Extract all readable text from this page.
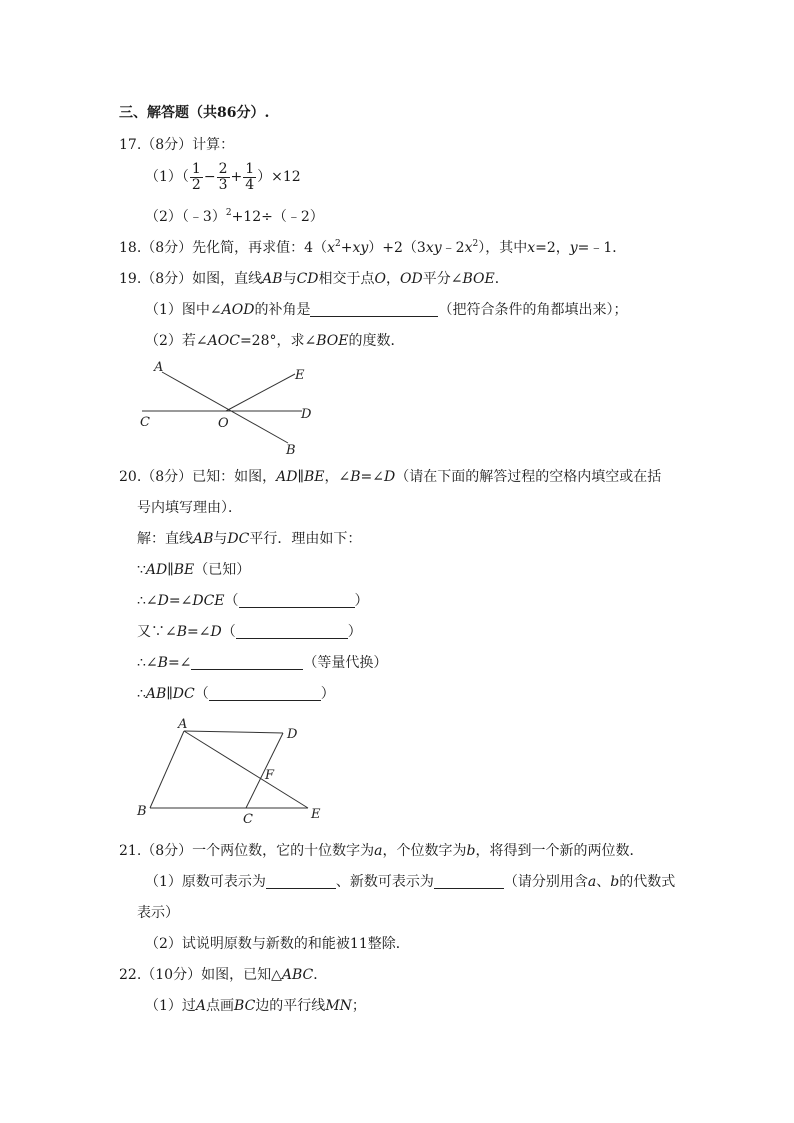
三、解答题（共86分）.
17.（8分）计算：
$(1)( \frac{1}{2} - \frac{2}{3} + \frac{1}{4} )\times 12$
（2）（﹣3）$^2$+12÷（﹣2）
18.（8分）先化简，再求值：$4(x^2+xy)+2(3xy﹣2x^2)$，其中x=2，y=﹣1．
19.（8分）如图，直线AB与CD相交于点O，OD平分∠BOE．
（1）图中∠AOD的补角是	（把符合条件的角都填出来）；
（2）若∠AOC=28°，求∠BOE的度数．
A
E
C	O
D
B
20.（8分）已知：如图，AD∥BE，∠B=∠D（请在下面的解答过程的空格内填空或在括
号内填写理由）．
解：直线AB与DC平行．理由如下：
∵AD∥BE（已知）
∴∠D=∠DCE（	）
又∵∠B=∠D（	）
∴∠B=∠	（等量代换）
∴AB∥DC（	）
A
D
F
B
C	E
21.（8分）一个两位数，它的十位数字为a，个位数字为b，将得到一个新的两位数．
（1）原数可表示为	、新数可表示为	（请分别用含a、b的代数式
表示）
（2）试说明原数与新数的和能被11整除．
22.（10分）如图，已知△ABC．
（1）过A点画BC边的平行线MN；
